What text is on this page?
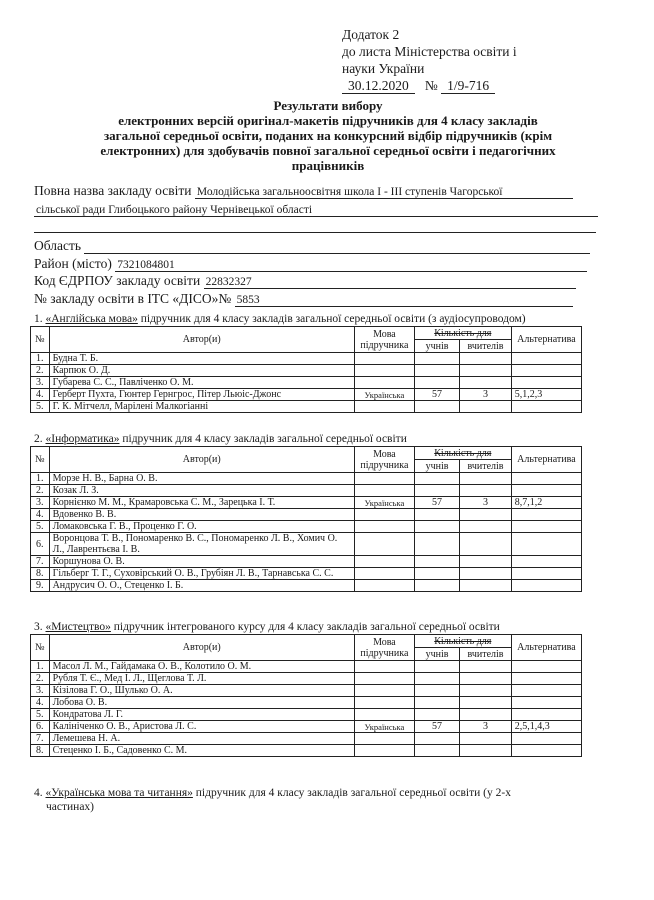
Додаток 2
до листа Міністерства освіти і
науки України
30.12.2020 № 1/9-716
Результати вибору
електронних версій оригінал-макетів підручників для 4 класу закладів
загальної середньої освіти, поданих на конкурсний відбір підручників (крім
електронних) для здобувачів повної загальної середньої освіти і педагогічних
працівників
Повна назва закладу освіти Молодійська загальноосвітня школа І - ІІІ ступенів Чагорської
сільської ради Глибоцького району Чернівецької області
Область
Район (місто) 7321084801
Код ЄДРПОУ закладу освіти 22832327
№ закладу освіти в ІТС «ДІСО»№ 5853
1. «Англійська мова» підручник для 4 класу закладів загальної середньої освіти (з аудіосупроводом)
№	Автор(и)	Мова
підручника	Кількість для		Альтернатива
			учнів	вчителів	
1.	Будна Т. Б.				
2.	Карпюк О. Д.				
3.	Губарева С. С., Павліченко О. М.				
4.	Герберт Пухта, Гюнтер Гернгрос, Пітер Льюіс-Джонс	Українська	57	3	5,1,2,3
5.	Г. К. Мітчелл, Марілені Малкогіанні				
2. «Інформатика» підручник для 4 класу закладів загальної середньої освіти
№	Автор(и)	Мова
підручника	Кількість для		Альтернатива
			учнів	вчителів	
1.	Морзе Н. В., Барна О. В.				
2.	Козак Л. З.				
3.	Корнієнко М. М., Крамаровська С. М., Зарецька І. Т.	Українська	57	3	8,7,1,2
4.	Вдовенко В. В.				
5.	Ломаковська Г. В., Проценко Г. О.				
6.	Воронцова Т. В., Пономаренко В. С., Пономаренко Л. В., Хомич О. Л., Лаврентьєва І. В.				
7.	Коршунова О. В.				
8.	Гільберг Т. Г., Суховірський О. В., Грубіян Л. В., Тарнавська С. С.				
9.	Андрусич О. О., Стеценко І. Б.				
3. «Мистецтво» підручник інтегрованого курсу для 4 класу закладів загальної середньої освіти
№	Автор(и)	Мова
підручника	Кількість для		Альтернатива
			учнів	вчителів	
1.	Масол Л. М., Гайдамака О. В., Колотило О. М.				
2.	Рубля Т. Є., Мед І. Л., Щеглова Т. Л.				
3.	Кізілова Г. О., Шулько О. А.				
4.	Лобова О. В.				
5.	Кондратова Л. Г.				
6.	Калініченко О. В., Аристова Л. С.	Українська	57	3	2,5,1,4,3
7.	Лемешева Н. А.				
8.	Стеценко І. Б., Садовенко С. М.				
4. «Українська мова та читання» підручник для 4 класу закладів загальної середньої освіти (у 2-х
частинах)
